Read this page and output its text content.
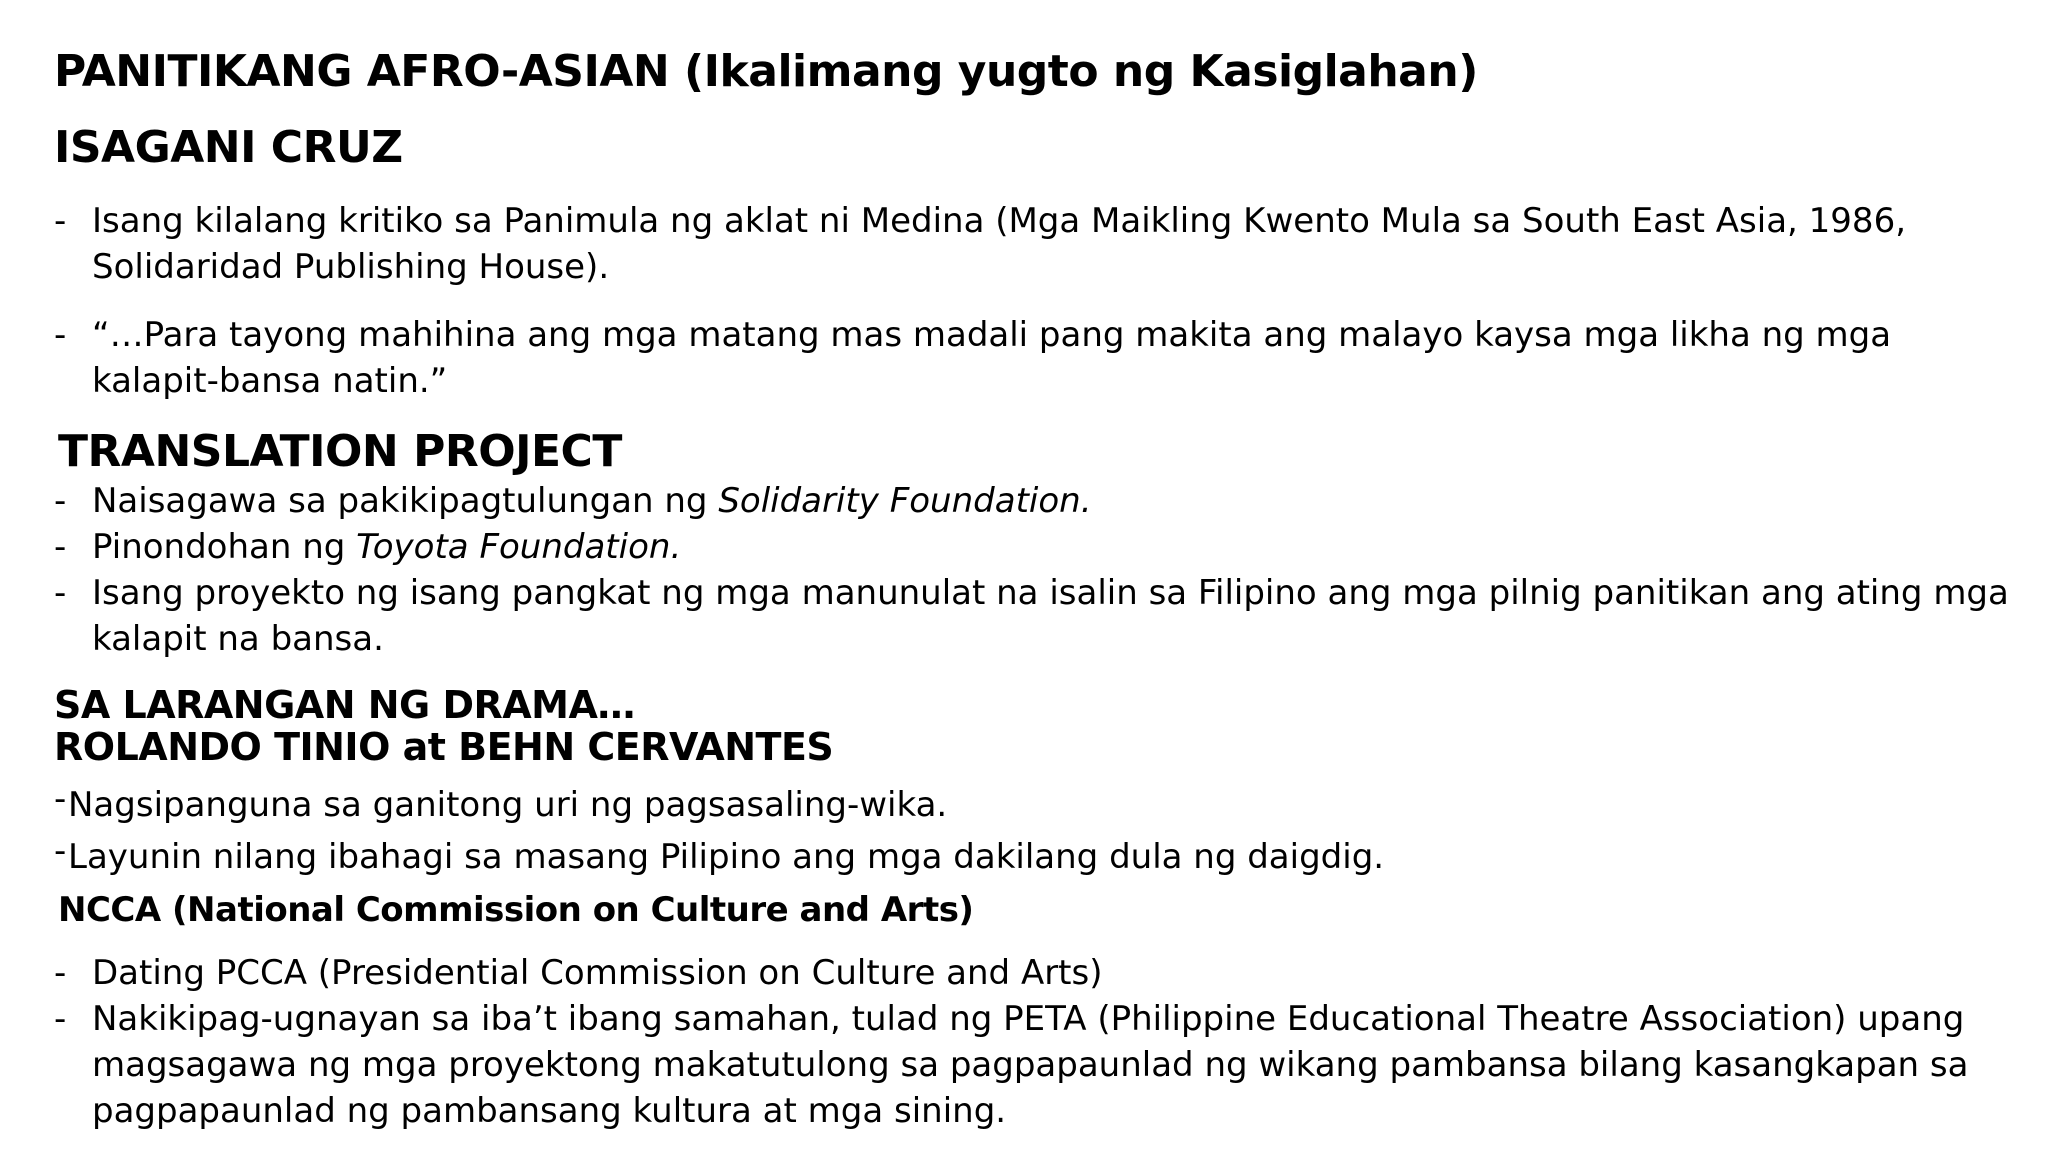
PANITIKANG AFRO-ASIAN (Ikalimang yugto ng Kasiglahan)
ISAGANI CRUZ
- Isang kilalang kritiko sa Panimula ng aklat ni Medina (Mga Maikling Kwento Mula sa South East Asia, 1986, Solidaridad Publishing House).
- “…Para tayong mahihina ang mga matang mas madali pang makita ang malayo kaysa mga likha ng mga kalapit-bansa natin.”
TRANSLATION PROJECT
- Naisagawa sa pakikipagtulungan ng Solidarity Foundation.
- Pinondohan ng Toyota Foundation.
- Isang proyekto ng isang pangkat ng mga manunulat na isalin sa Filipino ang mga pilnig panitikan ang ating mga kalapit na bansa.
SA LARANGAN NG DRAMA…
ROLANDO TINIO at BEHN CERVANTES
- Nagsipanguna sa ganitong uri ng pagsasaling-wika.
- Layunin nilang ibahagi sa masang Pilipino ang mga dakilang dula ng daigdig.
NCCA (National Commission on Culture and Arts)
- Dating PCCA (Presidential Commission on Culture and Arts)
- Nakikipag-ugnayan sa iba’t ibang samahan, tulad ng PETA (Philippine Educational Theatre Association) upang magsagawa ng mga proyektong makatutulong sa pagpapaunlad ng wikang pambansa bilang kasangkapan sa pagpapaunlad ng pambansang kultura at mga sining.
